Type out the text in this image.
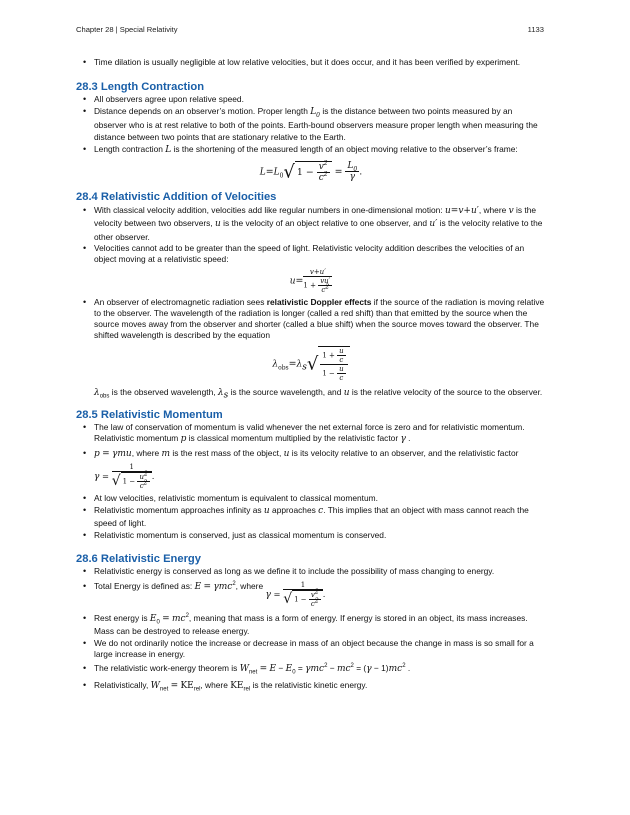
Chapter 28 | Special Relativity	1133
• Time dilation is usually negligible at low relative velocities, but it does occur, and it has been verified by experiment.
28.3 Length Contraction
• All observers agree upon relative speed.
• Distance depends on an observer’s motion. Proper length $L_0$ is the distance between two points measured by an observer who is at rest relative to both of the points. Earth-bound observers measure proper length when measuring the distance between two points that are stationary relative to the Earth.
• Length contraction L is the shortening of the measured length of an object moving relative to the observer’s frame:
$L=L_0√$ $1 - \frac{v^2}{c^2} = \frac{L_0}{\gamma}$ .
28.4 Relativistic Addition of Velocities
• With classical velocity addition, velocities add like regular numbers in one-dimensional motion: u=v+u′, where v is the velocity between two observers, u is the velocity of an object relative to one observer, and u′ is the velocity relative to the other observer.
• Velocities cannot add to be greater than the speed of light. Relativistic velocity addition describes the velocities of an object moving at a relativistic speed:
$u= \frac{v+u'}{1 + \frac{vu'}{c^2}}$
• An observer of electromagnetic radiation sees relativistic Doppler effects if the source of the radiation is moving relative to the observer. The wavelength of the radiation is longer (called a red shift) than that emitted by the source when the source moves away from the observer and shorter (called a blue shift) when the source moves toward the observer. The shifted wavelength is described by the equation
$\lambda_{obs}=\lambda_s√ \frac{1 + \frac{u}{c}}{1 - \frac{u}{c}}$
$\lambda_{obs}$ is the observed wavelength, $\lambda_s$ is the source wavelength, and u is the relative velocity of the source to the observer.
28.5 Relativistic Momentum
• The law of conservation of momentum is valid whenever the net external force is zero and for relativistic momentum. Relativistic momentum p is classical momentum multiplied by the relativistic factor γ .
• p = γmu, where m is the rest mass of the object, u is its velocity relative to an observer, and the relativistic factor
$\gamma = \frac{1}{√ 1 - \frac{u^2}{c^2}}$ .
• At low velocities, relativistic momentum is equivalent to classical momentum.
• Relativistic momentum approaches infinity as u approaches c. This implies that an object with mass cannot reach the speed of light.
• Relativistic momentum is conserved, just as classical momentum is conserved.
28.6 Relativistic Energy
• Relativistic energy is conserved as long as we define it to include the possibility of mass changing to energy.
• Total Energy is defined as: E = γmc$^2$, where $\gamma = \frac{1}{√ 1 - \frac{v^2}{c^2}}$ .
• Rest energy is $E_0 = mc^2$, meaning that mass is a form of energy. If energy is stored in an object, its mass increases. Mass can be destroyed to release energy.
• We do not ordinarily notice the increase or decrease in mass of an object because the change in mass is so small for a large increase in energy.
• The relativistic work-energy theorem is $W_{net} = E - E_0 = \gamma mc^2 - mc^2 = (\gamma - 1)mc^2$ .
• Relativistically, $W_{net} = KE_{rel}$, where $KE_{rel}$ is the relativistic kinetic energy.
